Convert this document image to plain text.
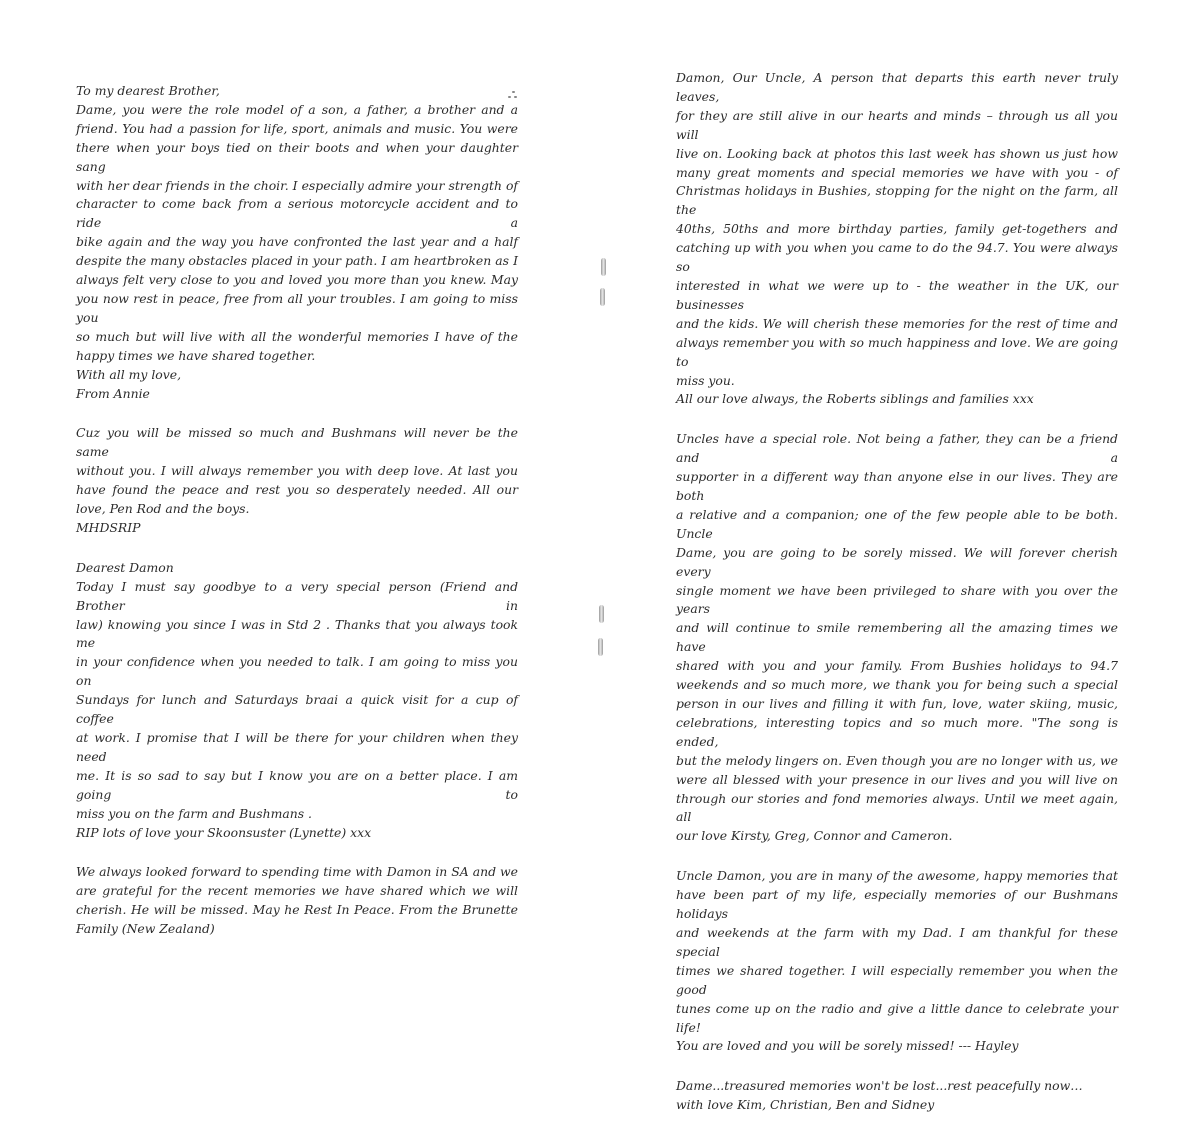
To my dearest Brother,
Dame, you were the role model of a son, a father, a brother and a
friend. You had a passion for life, sport, animals and music. You were
there when your boys tied on their boots and when your daughter sang
with her dear friends in the choir. I especially admire your strength of
character to come back from a serious motorcycle accident and to ride a
bike again and the way you have confronted the last year and a half
despite the many obstacles placed in your path. I am heartbroken as I
always felt very close to you and loved you more than you knew. May
you now rest in peace, free from all your troubles. I am going to miss you
so much but will live with all the wonderful memories I have of the
happy times we have shared together.
With all my love,
From Annie
Cuz you will be missed so much and Bushmans will never be the same
without you. I will always remember you with deep love. At last you
have found the peace and rest you so desperately needed. All our
love, Pen Rod and the boys.
MHDSRIP
Dearest Damon
Today I must say goodbye to a very special person (Friend and Brother in
law) knowing you since I was in Std 2 . Thanks that you always took me
in your confidence when you needed to talk. I am going to miss you on
Sundays for lunch and Saturdays braai a quick visit for a cup of coffee
at work. I promise that I will be there for your children when they need
me. It is so sad to say but I know you are on a better place. I am going to
miss you on the farm and Bushmans .
RIP lots of love your Skoonsuster (Lynette) xxx
We always looked forward to spending time with Damon in SA and we
are grateful for the recent memories we have shared which we will
cherish. He will be missed. May he Rest In Peace. From the Brunette
Family (New Zealand)
Damon, Our Uncle, A person that departs this earth never truly leaves,
for they are still alive in our hearts and minds – through us all you will
live on. Looking back at photos this last week has shown us just how
many great moments and special memories we have with you - of
Christmas holidays in Bushies, stopping for the night on the farm, all the
40ths, 50ths and more birthday parties, family get-togethers and
catching up with you when you came to do the 94.7. You were always so
interested in what we were up to - the weather in the UK, our businesses
and the kids. We will cherish these memories for the rest of time and
always remember you with so much happiness and love. We are going to
miss you.
All our love always, the Roberts siblings and families xxx
Uncles have a special role. Not being a father, they can be a friend and a
supporter in a different way than anyone else in our lives. They are both
a relative and a companion; one of the few people able to be both. Uncle
Dame, you are going to be sorely missed. We will forever cherish every
single moment we have been privileged to share with you over the years
and will continue to smile remembering all the amazing times we have
shared with you and your family. From Bushies holidays to 94.7
weekends and so much more, we thank you for being such a special
person in our lives and filling it with fun, love, water skiing, music,
celebrations, interesting topics and so much more. "The song is ended,
but the melody lingers on. Even though you are no longer with us, we
were all blessed with your presence in our lives and you will live on
through our stories and fond memories always. Until we meet again, all
our love Kirsty, Greg, Connor and Cameron.
Uncle Damon, you are in many of the awesome, happy memories that
have been part of my life, especially memories of our Bushmans holidays
and weekends at the farm with my Dad. I am thankful for these special
times we shared together. I will especially remember you when the good
tunes come up on the radio and give a little dance to celebrate your life!
You are loved and you will be sorely missed! --- Hayley
Dame...treasured memories won't be lost...rest peacefully now…
with love Kim, Christian, Ben and Sidney
